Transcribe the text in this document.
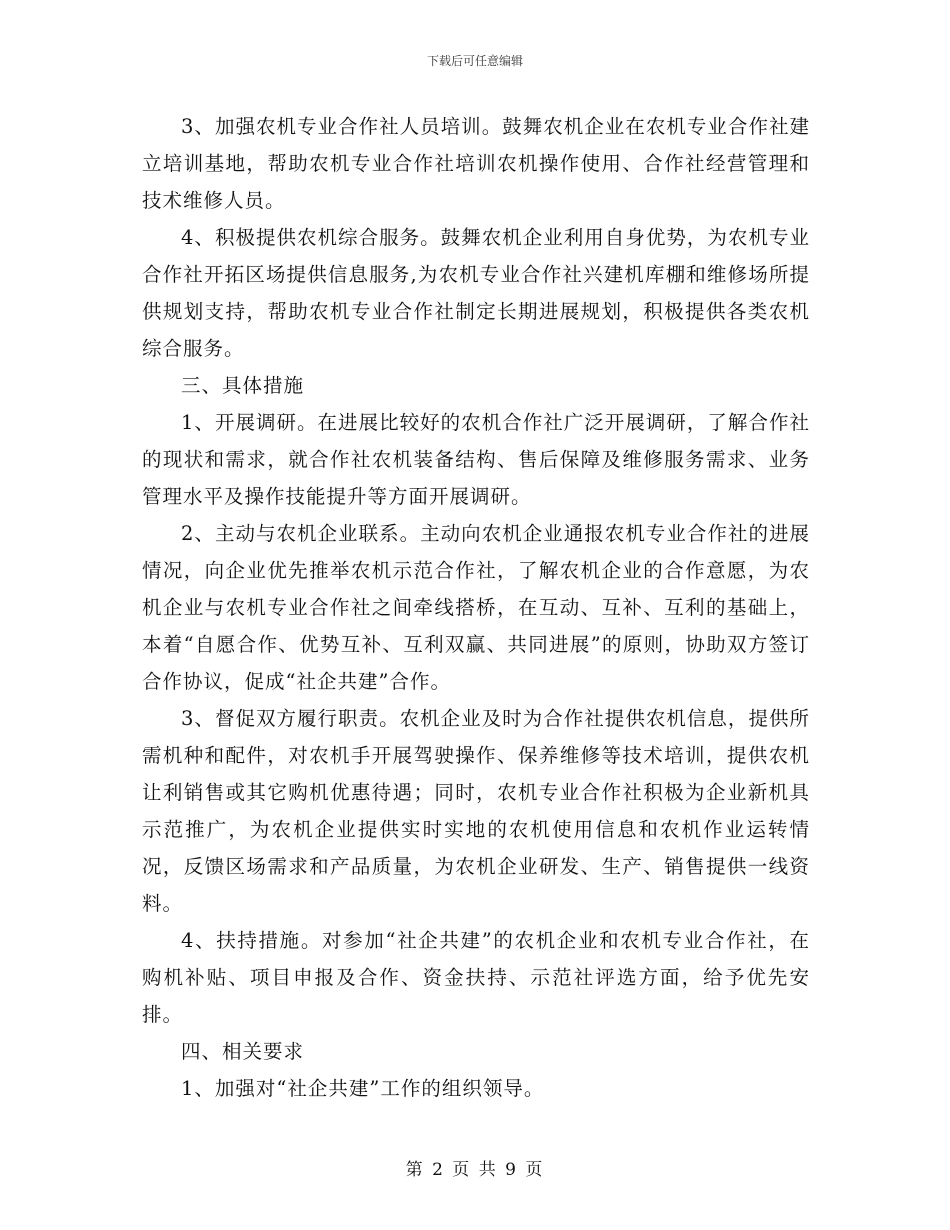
下载后可任意编辑

3、加强农机专业合作社人员培训。鼓舞农机企业在农机专业合作社建立培训基地，帮助农机专业合作社培训农机操作使用、合作社经营管理和技术维修人员。

4、积极提供农机综合服务。鼓舞农机企业利用自身优势，为农机专业合作社开拓区场提供信息服务,为农机专业合作社兴建机库棚和维修场所提供规划支持，帮助农机专业合作社制定长期进展规划，积极提供各类农机综合服务。

三、具体措施

1、开展调研。在进展比较好的农机合作社广泛开展调研，了解合作社的现状和需求，就合作社农机装备结构、售后保障及维修服务需求、业务管理水平及操作技能提升等方面开展调研。

2、主动与农机企业联系。主动向农机企业通报农机专业合作社的进展情况，向企业优先推举农机示范合作社，了解农机企业的合作意愿，为农机企业与农机专业合作社之间牵线搭桥，在互动、互补、互利的基础上，本着“自愿合作、优势互补、互利双赢、共同进展”的原则，协助双方签订合作协议，促成“社企共建”合作。

3、督促双方履行职责。农机企业及时为合作社提供农机信息，提供所需机种和配件，对农机手开展驾驶操作、保养维修等技术培训，提供农机让利销售或其它购机优惠待遇；同时，农机专业合作社积极为企业新机具示范推广，为农机企业提供实时实地的农机使用信息和农机作业运转情况，反馈区场需求和产品质量，为农机企业研发、生产、销售提供一线资料。

4、扶持措施。对参加“社企共建”的农机企业和农机专业合作社，在购机补贴、项目申报及合作、资金扶持、示范社评选方面，给予优先安排。

四、相关要求

1、加强对“社企共建”工作的组织领导。

第 2 页 共 9 页
